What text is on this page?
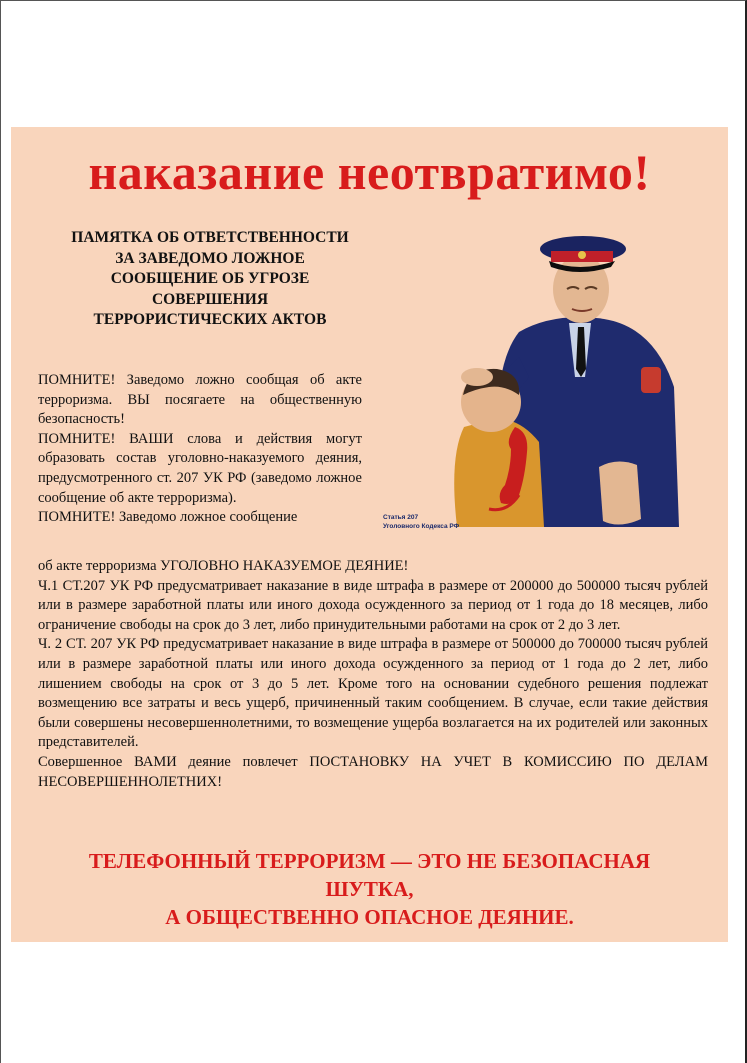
наказание неотвратимо!
ПАМЯТКА ОБ ОТВЕТСТВЕННОСТИ
ЗА ЗАВЕДОМО ЛОЖНОЕ
СООБЩЕНИЕ ОБ УГРОЗЕ
СОВЕРШЕНИЯ
ТЕРРОРИСТИЧЕСКИХ АКТОВ
Статья 207
Уголовного Кодекса РФ

ПОМНИТЕ! Заведомо ложно сообщая об акте терроризма. ВЫ посягаете на общественную безопасность!

ПОМНИТЕ! ВАШИ слова и действия могут образовать состав уголовно-наказуемого деяния, предусмотренного ст. 207 УК РФ (заведомо ложное сообщение об акте терроризма).

ПОМНИТЕ! Заведомо ложное сообщение

об акте терроризма УГОЛОВНО НАКАЗУЕМОЕ ДЕЯНИЕ!

Ч.1 СТ.207 УК РФ предусматривает наказание в виде штрафа в размере от 200000 до 500000 тысяч рублей или в размере заработной платы или иного дохода осужденного за период от 1 года до 18 месяцев, либо ограничение свободы на срок до 3 лет, либо принудительными работами на срок от 2 до 3 лет.

Ч. 2 СТ. 207 УК РФ предусматривает наказание в виде штрафа в размере от 500000 до 700000 тысяч рублей или в размере заработной платы или иного дохода осужденного за период от 1 года до 2 лет, либо лишением свободы на срок от 3 до 5 лет. Кроме того на основании судебного решения подлежат возмещению все затраты и весь ущерб, причиненный таким сообщением. В случае, если такие действия были совершены несовершеннолетними, то возмещение ущерба возлагается на их родителей или законных представителей.

Совершенное ВАМИ деяние повлечет ПОСТАНОВКУ НА УЧЕТ В КОМИССИЮ ПО ДЕЛАМ НЕСОВЕРШЕННОЛЕТНИХ!

ТЕЛЕФОННЫЙ ТЕРРОРИЗМ — ЭТО НЕ БЕЗОПАСНАЯ
ШУТКА,
А ОБЩЕСТВЕННО ОПАСНОЕ ДЕЯНИЕ.
